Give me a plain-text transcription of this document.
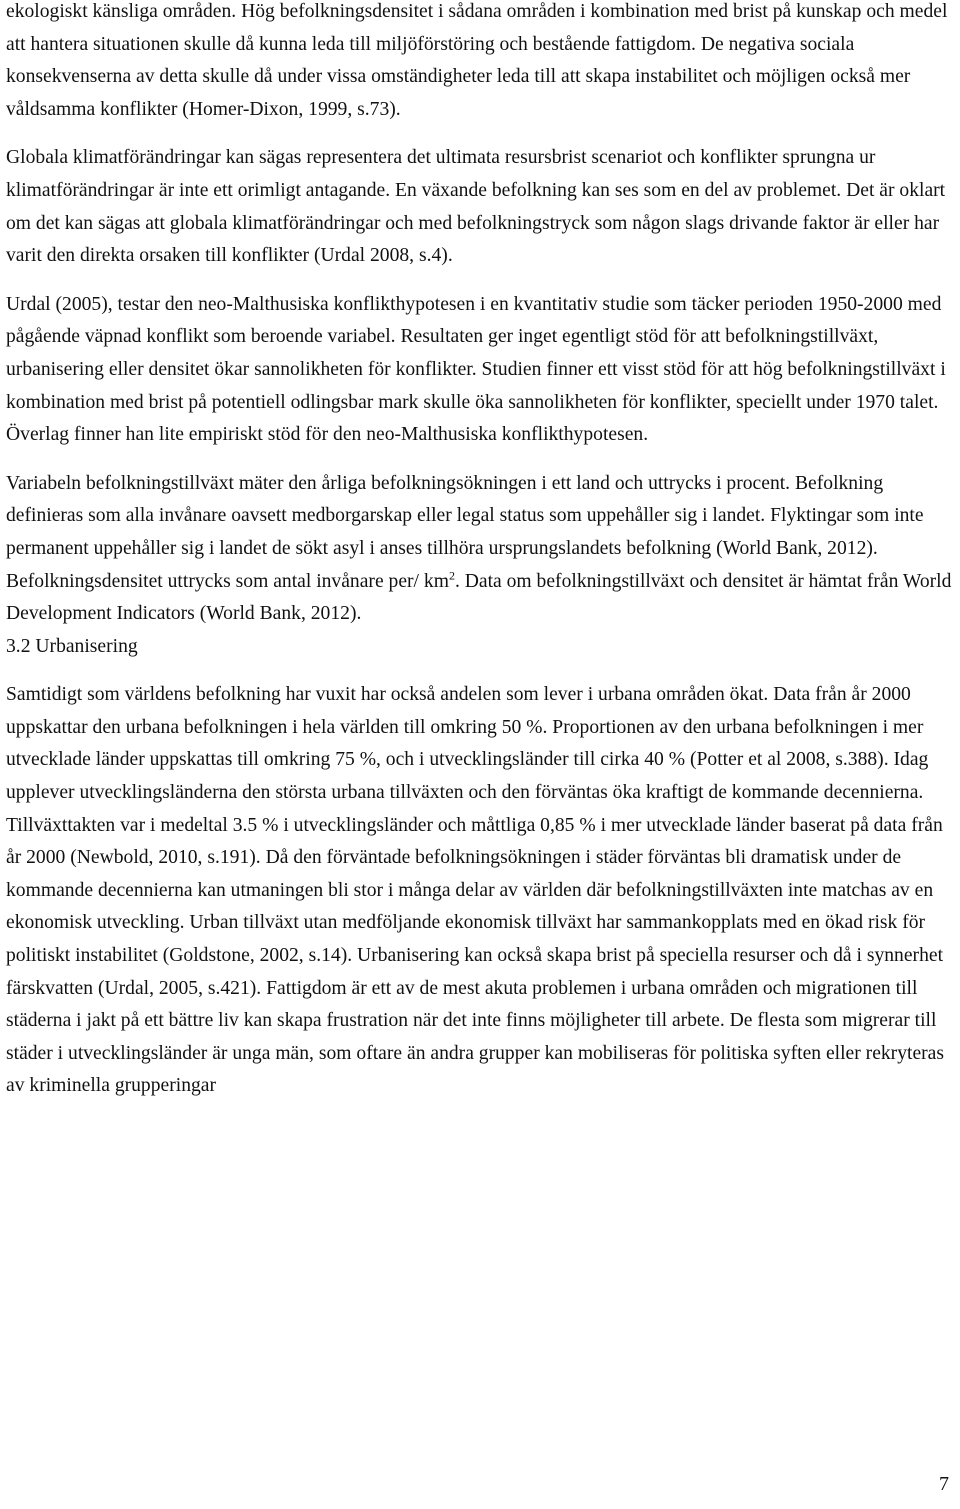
ekologiskt känsliga områden. Hög befolkningsdensitet i sådana områden i kombination med brist på kunskap och medel att hantera situationen skulle då kunna leda till miljöförstöring och bestående fattigdom. De negativa sociala konsekvenserna av detta skulle då under vissa omständigheter leda till att skapa instabilitet och möjligen också mer våldsamma konflikter (Homer-Dixon, 1999, s.73).

Globala klimatförändringar kan sägas representera det ultimata resursbrist scenariot och konflikter sprungna ur klimatförändringar är inte ett orimligt antagande. En växande befolkning kan ses som en del av problemet. Det är oklart om det kan sägas att globala klimatförändringar och med befolkningstryck som någon slags drivande faktor är eller har varit den direkta orsaken till konflikter (Urdal 2008, s.4).

Urdal (2005), testar den neo-Malthusiska konflikthypotesen i en kvantitativ studie som täcker perioden 1950-2000 med pågående väpnad konflikt som beroende variabel. Resultaten ger inget egentligt stöd för att befolkningstillväxt, urbanisering eller densitet ökar sannolikheten för konflikter. Studien finner ett visst stöd för att hög befolkningstillväxt i kombination med brist på potentiell odlingsbar mark skulle öka sannolikheten för konflikter, speciellt under 1970 talet. Överlag finner han lite empiriskt stöd för den neo-Malthusiska konflikthypotesen.

Variabeln befolkningstillväxt mäter den årliga befolkningsökningen i ett land och uttrycks i procent. Befolkning definieras som alla invånare oavsett medborgarskap eller legal status som uppehåller sig i landet. Flyktingar som inte permanent uppehåller sig i landet de sökt asyl i anses tillhöra ursprungslandets befolkning (World Bank, 2012). Befolkningsdensitet uttrycks som antal invånare per/ $km^2$. Data om befolkningstillväxt och densitet är hämtat från World Development Indicators (World Bank, 2012).

3.2 Urbanisering

Samtidigt som världens befolkning har vuxit har också andelen som lever i urbana områden ökat. Data från år 2000 uppskattar den urbana befolkningen i hela världen till omkring 50 %. Proportionen av den urbana befolkningen i mer utvecklade länder uppskattas till omkring 75 %, och i utvecklingsländer till cirka 40 % (Potter et al 2008, s.388). Idag upplever utvecklingsländerna den största urbana tillväxten och den förväntas öka kraftigt de kommande decennierna. Tillväxttakten var i medeltal 3.5 % i utvecklingsländer och måttliga 0,85 % i mer utvecklade länder baserat på data från år 2000 (Newbold, 2010, s.191). Då den förväntade befolkningsökningen i städer förväntas bli dramatisk under de kommande decennierna kan utmaningen bli stor i många delar av världen där befolkningstillväxten inte matchas av en ekonomisk utveckling. Urban tillväxt utan medföljande ekonomisk tillväxt har sammankopplats med en ökad risk för politiskt instabilitet (Goldstone, 2002, s.14). Urbanisering kan också skapa brist på speciella resurser och då i synnerhet färskvatten (Urdal, 2005, s.421). Fattigdom är ett av de mest akuta problemen i urbana områden och migrationen till städerna i jakt på ett bättre liv kan skapa frustration när det inte finns möjligheter till arbete. De flesta som migrerar till städer i utvecklingsländer är unga män, som oftare än andra grupper kan mobiliseras för politiska syften eller rekryteras av kriminella grupperingar

7
